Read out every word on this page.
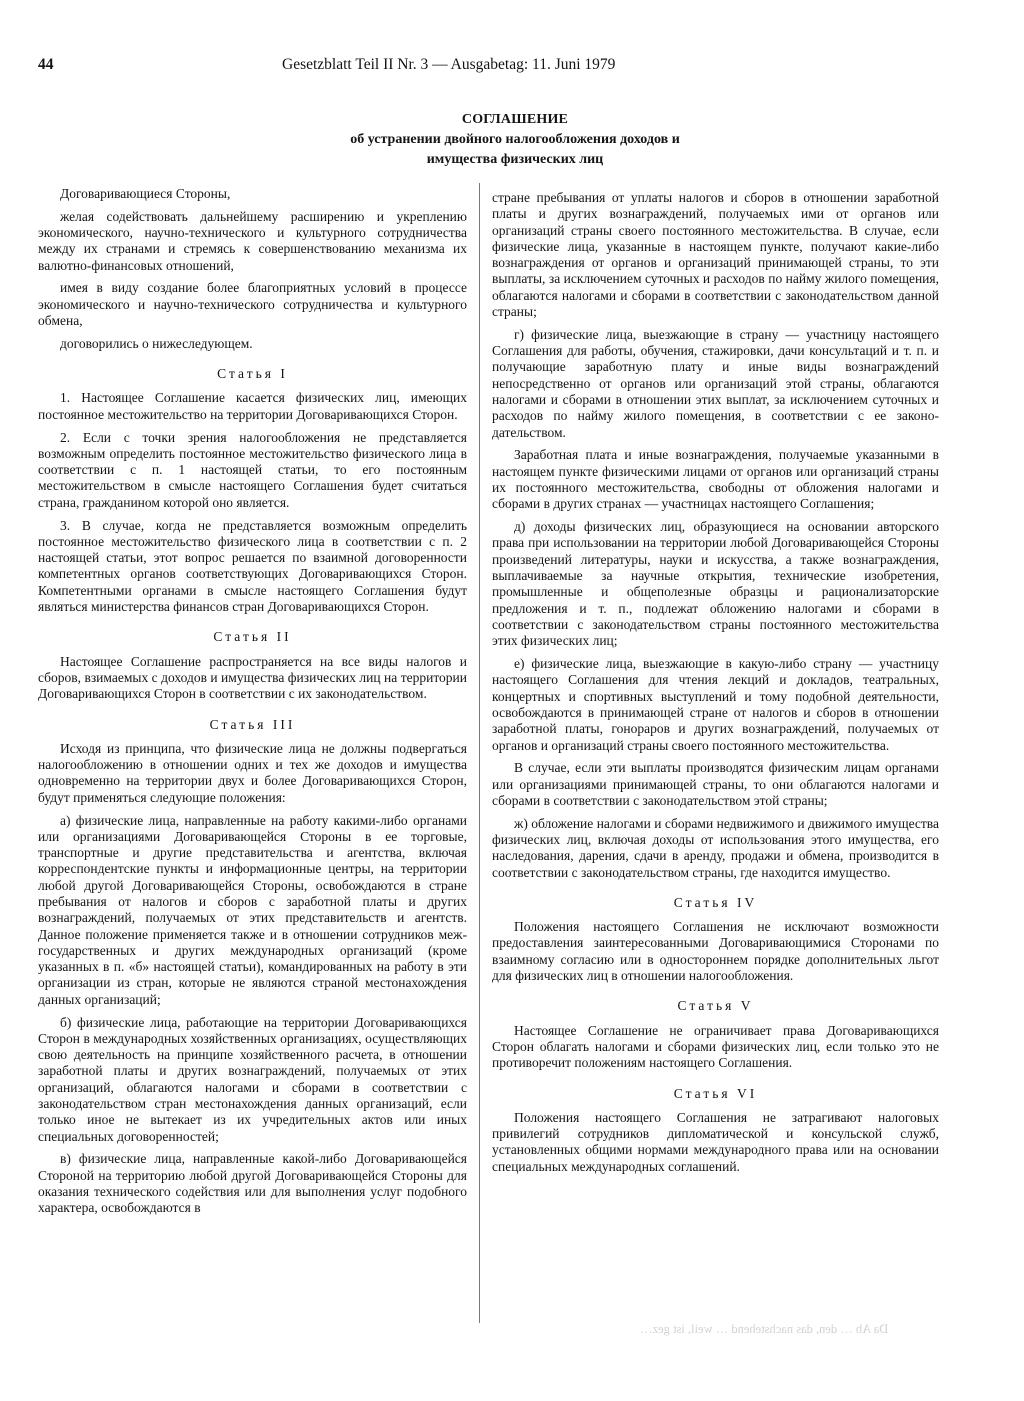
44	Gesetzblatt Teil II Nr. 3 — Ausgabetag: 11. Juni 1979
СОГЛАШЕНИЕ
об устранении двойного налогообложения доходов и
имущества физических лиц

Договаривающиеся Стороны,

желая содействовать дальнейшему расширению и укреплению экономического, научно-технического и культурного сотрудничества между их странами и стремясь к совершенствованию механизма их валютно-финансовых отношений,

имея в виду создание более благоприятных условий в процессе экономического и научно-технического сотрудничества и культурного обмена,

договорились о нижеследующем.

Статья I

1. Настоящее Соглашение касается физических лиц, имеющих постоянное местожительство на территории Договаривающихся Сторон.

2. Если с точки зрения налогообложения не представляется возможным определить постоянное местожительство физического лица в соответствии с п. 1 настоящей статьи, то его постоянным местожительством в смысле настоящего Соглашения будет считаться страна, гражданином которой оно является.

3. В случае, когда не представляется возможным определить постоянное местожительство физического лица в соответствии с п. 2 настоящей статьи, этот вопрос решается по взаимной договоренности компетентных органов соответствующих Договаривающихся Сторон. Компетентными органами в смысле настоящего Соглашения будут являться министерства финансов стран Договаривающихся Сторон.

Статья II

Настоящее Соглашение распространяется на все виды налогов и сборов, взимаемых с доходов и имущества физических лиц на территории Договаривающихся Сторон в соответствии с их законодательством.

Статья III

Исходя из принципа, что физические лица не должны подвергаться налогообложению в отношении одних и тех же доходов и имущества одновременно на территории двух и более Договаривающихся Сторон, будут применяться следующие положения:

а) физические лица, направленные на работу какими-либо органами или организациями Договаривающейся Стороны в ее торговые, транспортные и другие представительства и агентства, включая корреспондентские пункты и информационные центры, на территории любой другой Договаривающейся Стороны, освобождаются в стране пребывания от налогов и сборов с заработной платы и других вознаграждений, получаемых от этих представительств и агентств. Данное положение применяется также и в отношении сотрудников межгосударственных и других международных организаций (кроме указанных в п. «б» настоящей статьи), командированных на работу в эти организации из стран, которые не являются страной местонахождения данных организаций;

б) физические лица, работающие на территории Договаривающихся Сторон в международных хозяйственных организациях, осуществляющих свою деятельность на принципе хозяйственного расчета, в отношении заработной платы и других вознаграждений, получаемых от этих организаций, облагаются налогами и сборами в соответствии с законодательством стран местонахождения данных организаций, если только иное не вытекает из их учредительных актов или иных специальных договоренностей;

в) физические лица, направленные какой-либо Договаривающейся Стороной на территорию любой другой Договаривающейся Стороны для оказания технического содействия или для выполнения услуг подобного характера, освобождаются в

стране пребывания от уплаты налогов и сборов в отношении заработной платы и других вознаграждений, получаемых ими от органов или организаций страны своего постоянного местожительства. В случае, если физические лица, указанные в настоящем пункте, получают какие-либо вознаграждения от органов и организаций принимающей страны, то эти выплаты, за исключением суточных и расходов по найму жилого помещения, облагаются налогами и сборами в соответствии с законодательством данной страны;

г) физические лица, выезжающие в страну — участницу настоящего Соглашения для работы, обучения, стажировки, дачи консультаций и т. п. и получающие заработную плату и иные виды вознаграждений непосредственно от органов или организаций этой страны, облагаются налогами и сборами в отношении этих выплат, за исключением суточных и расходов по найму жилого помещения, в соответствии с ее законодательством.

Заработная плата и иные вознаграждения, получаемые указанными в настоящем пункте физическими лицами от органов или организаций страны их постоянного местожительства, свободны от обложения налогами и сборами в других странах — участницах настоящего Соглашения;

д) доходы физических лиц, образующиеся на основании авторского права при использовании на территории любой Договаривающейся Стороны произведений литературы, науки и искусства, а также вознаграждения, выплачиваемые за научные открытия, технические изобретения, промышленные и общеполезные образцы и рационализаторские предложения и т. п., подлежат обложению налогами и сборами в соответствии с законодательством страны постоянного местожительства этих физических лиц;

е) физические лица, выезжающие в какую-либо страну — участницу настоящего Соглашения для чтения лекций и докладов, театральных, концертных и спортивных выступлений и тому подобной деятельности, освобождаются в принимающей стране от налогов и сборов в отношении заработной платы, гонораров и других вознаграждений, получаемых от органов и организаций страны своего постоянного местожительства.

В случае, если эти выплаты производятся физическим лицам органами или организациями принимающей страны, то они облагаются налогами и сборами в соответствии с законодательством этой страны;

ж) обложение налогами и сборами недвижимого и движимого имущества физических лиц, включая доходы от использования этого имущества, его наследования, дарения, сдачи в аренду, продажи и обмена, производится в соответствии с законодательством страны, где находится имущество.

Статья IV

Положения настоящего Соглашения не исключают возможности предоставления заинтересованными Договаривающимися Сторонами по взаимному согласию или в одностороннем порядке дополнительных льгот для физических лиц в отношении налогообложения.

Статья V

Настоящее Соглашение не ограничивает права Договаривающихся Сторон облагать налогами и сборами физических лиц, если только это не противоречит положениям настоящего Соглашения.

Статья VI

Положения настоящего Соглашения не затрагивают налоговых привилегий сотрудников дипломатической и консульской служб, установленных общими нормами международного права или на основании специальных международных соглашений.

Da Ab … den, das nachstehend … weil, ist gez…
